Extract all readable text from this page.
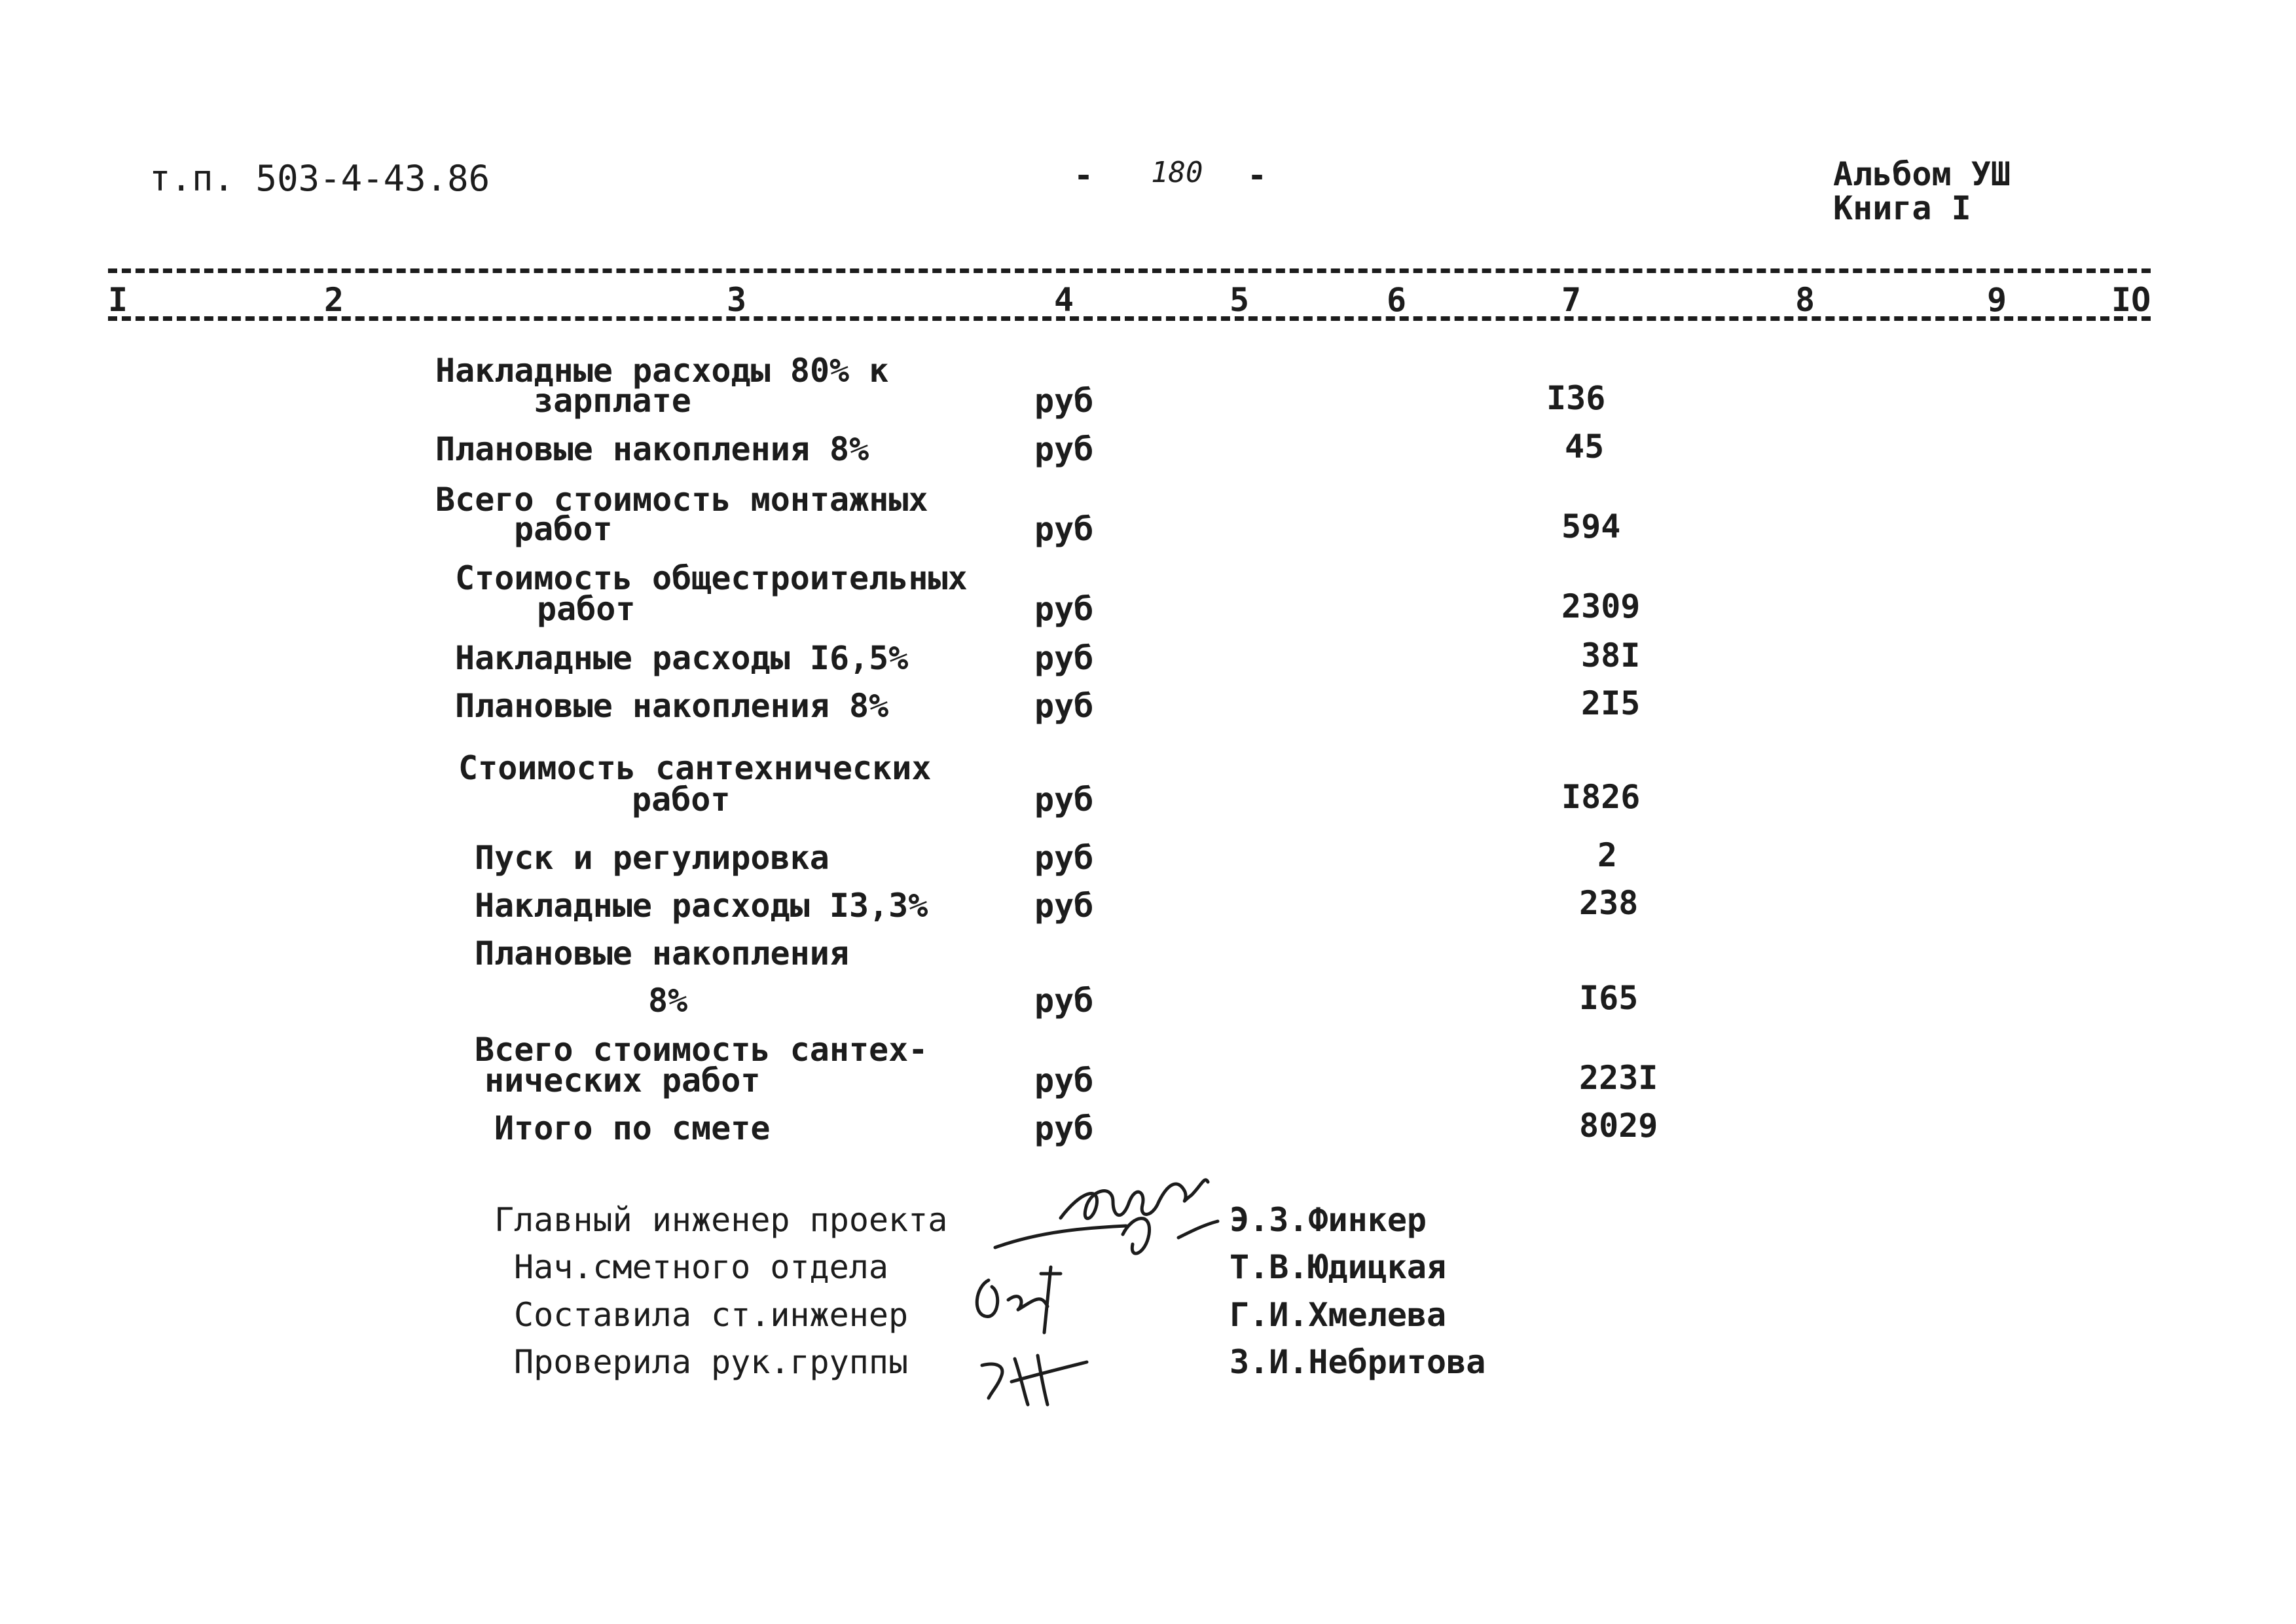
т.п. 503-4-43.86	- 180 -	Альбом УШ
Книга I
I	2	3	4	5	6	7	8	9	IO
Накладные расходы 80% к
зарплате	руб	I36
Плановые накопления 8%	руб	45
Всего стоимость монтажных
работ	руб	594
Стоимость общестроительных
работ	руб	2309
Накладные расходы I6,5%	руб	38I
Плановые накопления 8%	руб	2I5
Стоимость сантехнических
работ	руб	I826
Пуск и регулировка	руб	2
Накладные расходы I3,3%	руб	238
Плановые накопления
8%	руб	I65
Всего стоимость сантех-
нических работ	руб	223I
Итого по смете	руб	8029
Главный инженер проекта	Э.З.Финкер
Нач.сметного отдела	Т.В.Юдицкая
Составила ст.инженер	Г.И.Хмелева
Проверила рук.группы	З.И.Небритова
